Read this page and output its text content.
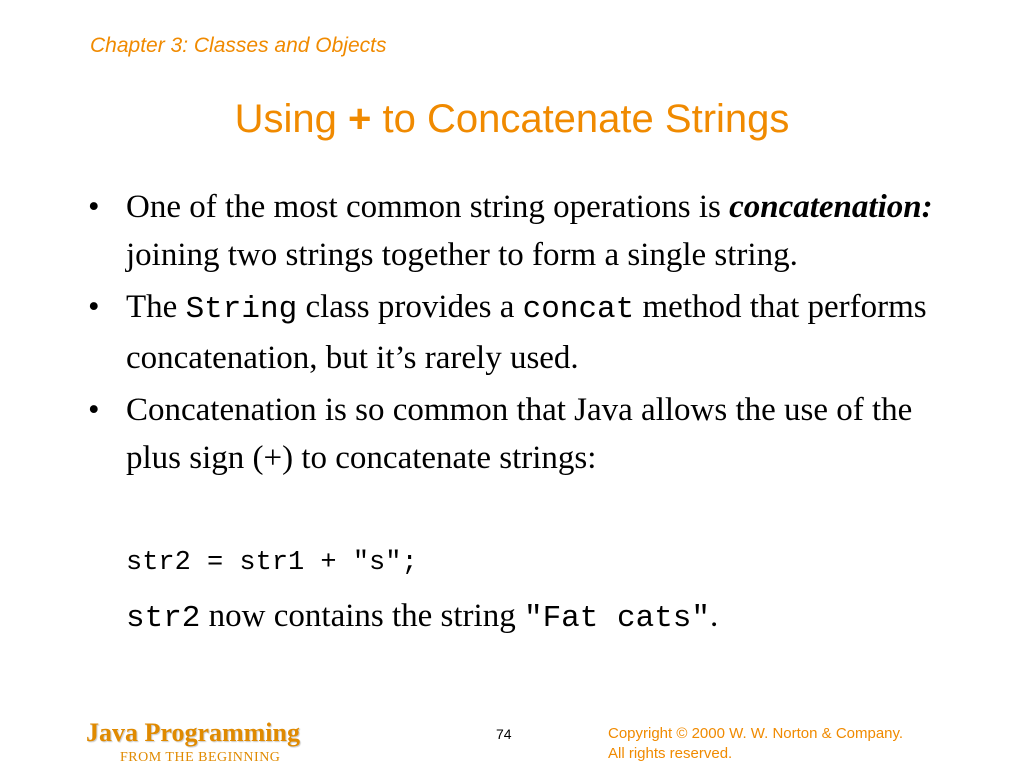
Chapter 3: Classes and Objects
Using + to Concatenate Strings

• One of the most common string operations is concatenation: joining two strings together to form a single string.

• The String class provides a concat method that performs concatenation, but it’s rarely used.

• Concatenation is so common that Java allows the use of the plus sign (+) to concatenate strings:

str2 = str1 + "s";
str2 now contains the string "Fat cats".
Java Programming
FROM THE BEGINNING
74	Copyright © 2000 W. W. Norton & Company.
All rights reserved.
